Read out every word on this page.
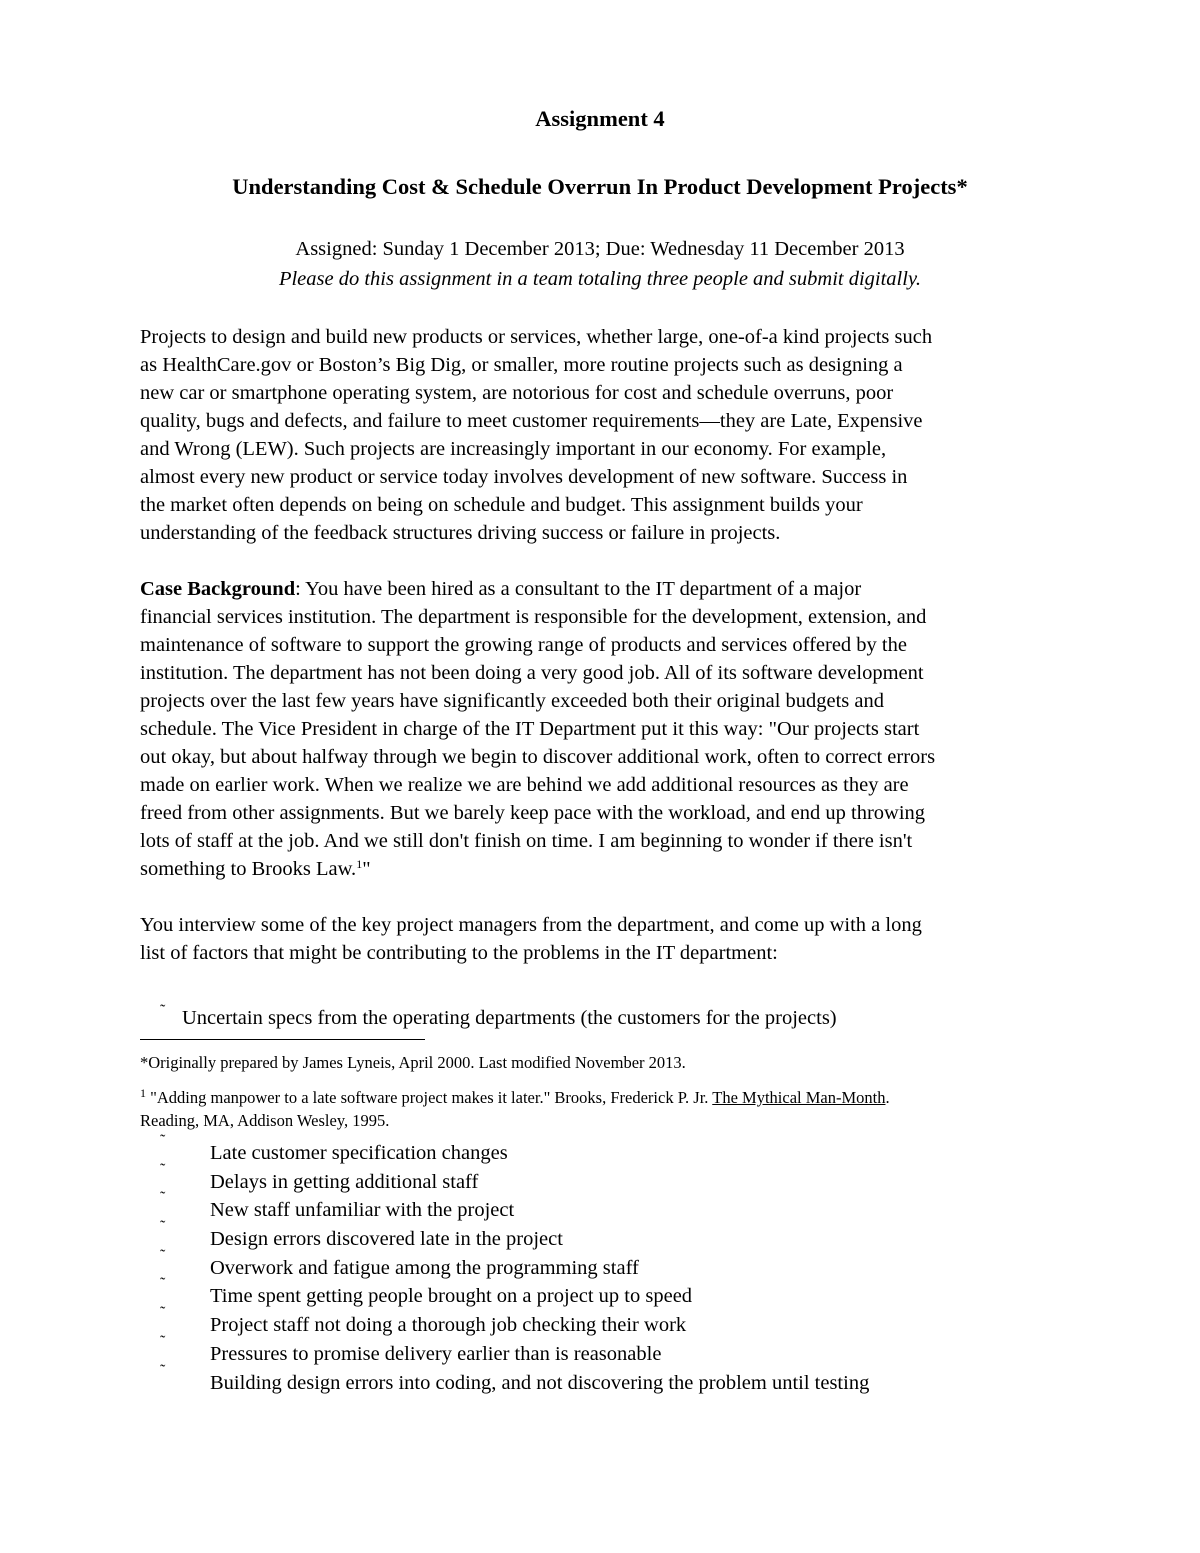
Assignment 4
Understanding Cost & Schedule Overrun In Product Development Projects*
Assigned: Sunday 1 December 2013; Due: Wednesday 11 December 2013
Please do this assignment in a team totaling three people and submit digitally.
Projects to design and build new products or services, whether large, one-of-a kind projects such
as HealthCare.gov or Boston’s Big Dig, or smaller, more routine projects such as designing a
new car or smartphone operating system, are notorious for cost and schedule overruns, poor
quality, bugs and defects, and failure to meet customer requirements—they are Late, Expensive
and Wrong (LEW). Such projects are increasingly important in our economy. For example,
almost every new product or service today involves development of new software. Success in
the market often depends on being on schedule and budget. This assignment builds your
understanding of the feedback structures driving success or failure in projects.
Case Background: You have been hired as a consultant to the IT department of a major
financial services institution. The department is responsible for the development, extension, and
maintenance of software to support the growing range of products and services offered by the
institution. The department has not been doing a very good job. All of its software development
projects over the last few years have significantly exceeded both their original budgets and
schedule. The Vice President in charge of the IT Department put it this way: "Our projects start
out okay, but about halfway through we begin to discover additional work, often to correct errors
made on earlier work. When we realize we are behind we add additional resources as they are
freed from other assignments. But we barely keep pace with the workload, and end up throwing
lots of staff at the job. And we still don't finish on time. I am beginning to wonder if there isn't
something to Brooks Law.$^1$"
You interview some of the key project managers from the department, and come up with a long
list of factors that might be contributing to the problems in the IT department:
˜ Uncertain specs from the operating departments (the customers for the projects)
*Originally prepared by James Lyneis, April 2000. Last modified November 2013.
$^1$ "Adding manpower to a late software project makes it later." Brooks, Frederick P. Jr. The Mythical Man-Month.
Reading, MA, Addison Wesley, 1995.
˜
Late customer specification changes
˜
Delays in getting additional staff
˜
New staff unfamiliar with the project
˜
Design errors discovered late in the project
˜
Overwork and fatigue among the programming staff
˜
Time spent getting people brought on a project up to speed
˜
Project staff not doing a thorough job checking their work
˜
Pressures to promise delivery earlier than is reasonable
˜
Building design errors into coding, and not discovering the problem until testing
